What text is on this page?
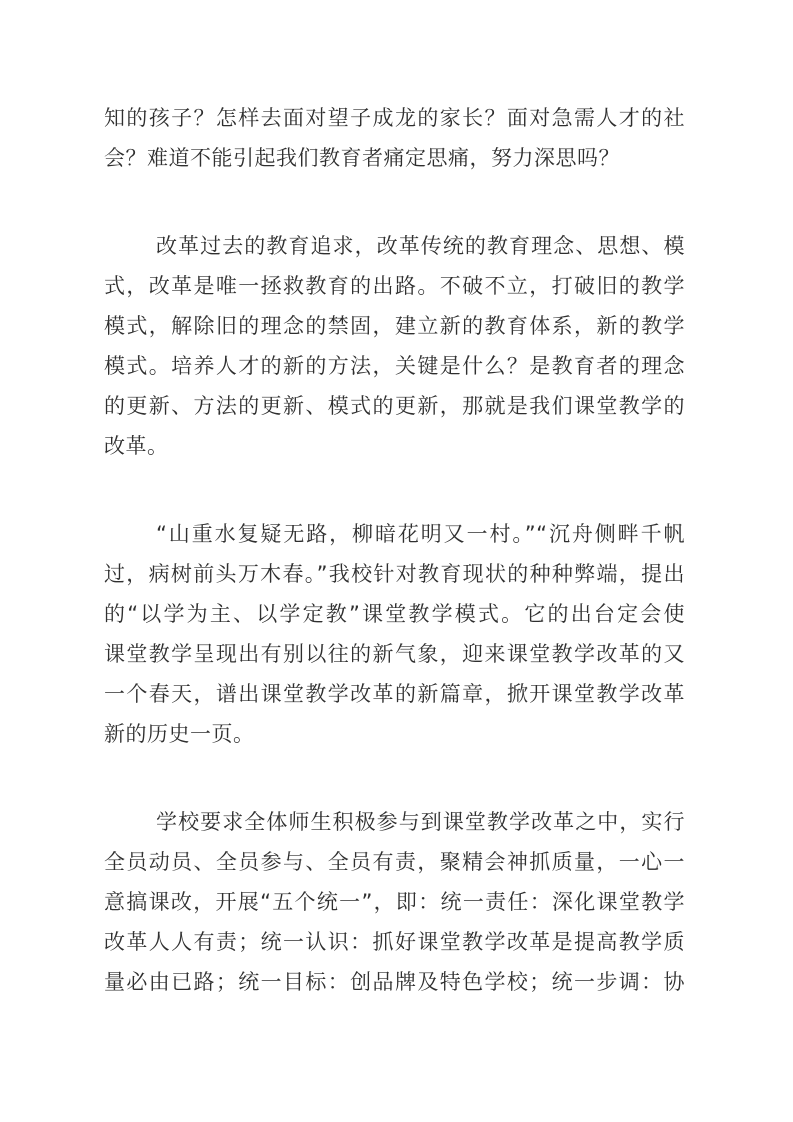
知的孩子？怎样去面对望子成龙的家长？面对急需人才的社
会？难道不能引起我们教育者痛定思痛，努力深思吗？
改革过去的教育追求，改革传统的教育理念、思想、模
式，改革是唯一拯救教育的出路。不破不立，打破旧的教学
模式，解除旧的理念的禁固，建立新的教育体系，新的教学
模式。培养人才的新的方法，关键是什么？是教育者的理念
的更新、方法的更新、模式的更新，那就是我们课堂教学的
改革。
“山重水复疑无路，柳暗花明又一村。”“沉舟侧畔千帆
过，病树前头万木春。”我校针对教育现状的种种弊端，提出
的“以学为主、以学定教”课堂教学模式。它的出台定会使
课堂教学呈现出有别以往的新气象，迎来课堂教学改革的又
一个春天，谱出课堂教学改革的新篇章，掀开课堂教学改革
新的历史一页。
学校要求全体师生积极参与到课堂教学改革之中，实行
全员动员、全员参与、全员有责，聚精会神抓质量，一心一
意搞课改，开展“五个统一”，即：统一责任：深化课堂教学
改革人人有责；统一认识：抓好课堂教学改革是提高教学质
量必由已路；统一目标：创品牌及特色学校；统一步调：协
